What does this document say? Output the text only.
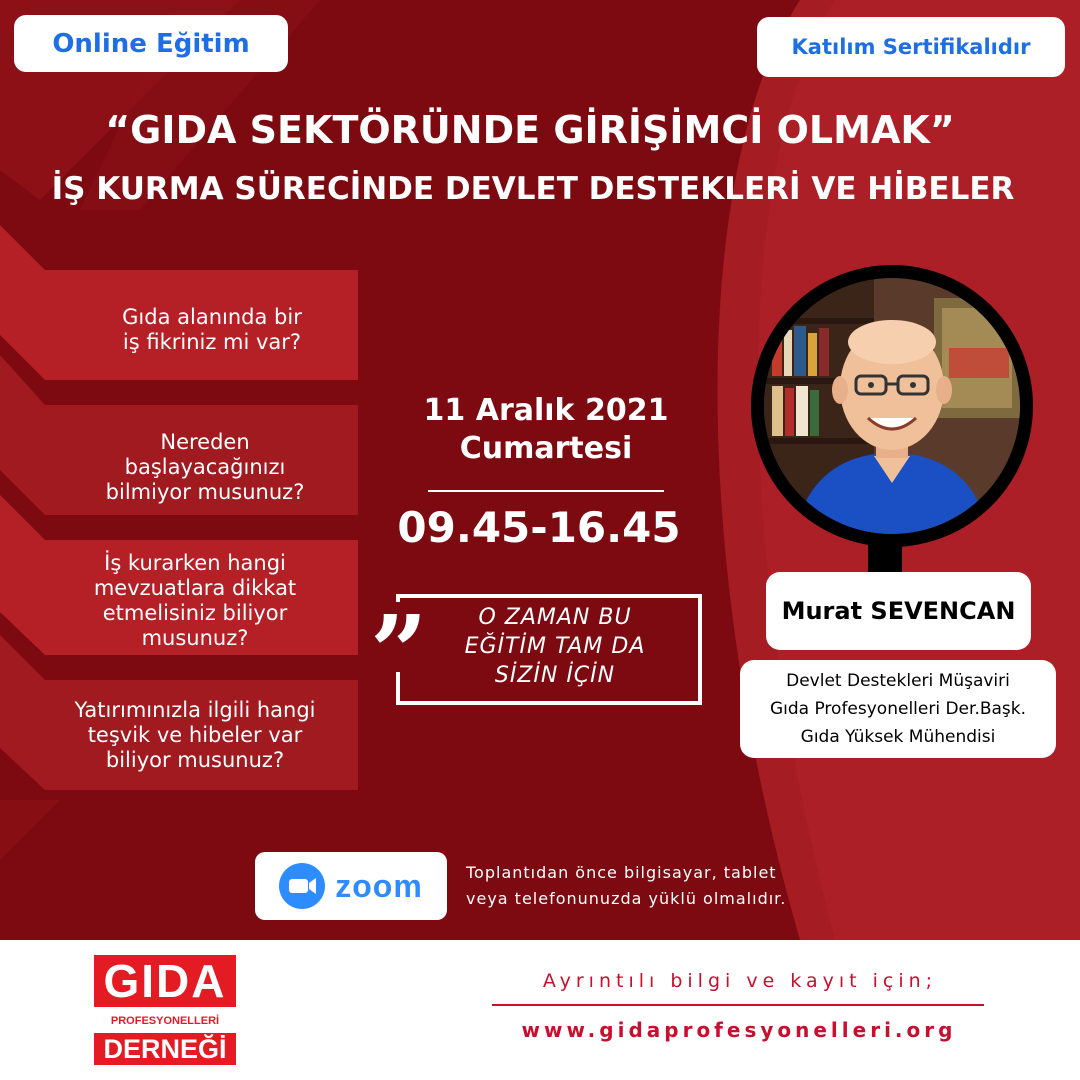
Online Eğitim	Katılım Sertifikalıdır
“GIDA SEKTÖRÜNDE GİRİŞİMCİ OLMAK”
İŞ KURMA SÜRECİNDE DEVLET DESTEKLERİ VE HİBELER
Gıda alanında bir
iş fikriniz mi var?
Nereden
başlayacağınızı
bilmiyor musunuz?
İş kurarken hangi
mevzuatlara dikkat
etmelisiniz biliyor
musunuz?
Yatırımınızla ilgili hangi
teşvik ve hibeler var
biliyor musunuz?
11 Aralık 2021
Cumartesi
09.45-16.45
”	O ZAMAN BU
EĞİTİM TAM DA
SİZİN İÇİN
Murat SEVENCAN
Devlet Destekleri Müşaviri
Gıda Profesyonelleri Der.Başk.
Gıda Yüksek Mühendisi
zoom	Toplantıdan önce bilgisayar, tablet
veya telefonunuzda yüklü olmalıdır.
GIDA
PROFESYONELLERİ
DERNEĞİ
Ayrıntılı bilgi ve kayıt için;
www.gidaprofesyonelleri.org
